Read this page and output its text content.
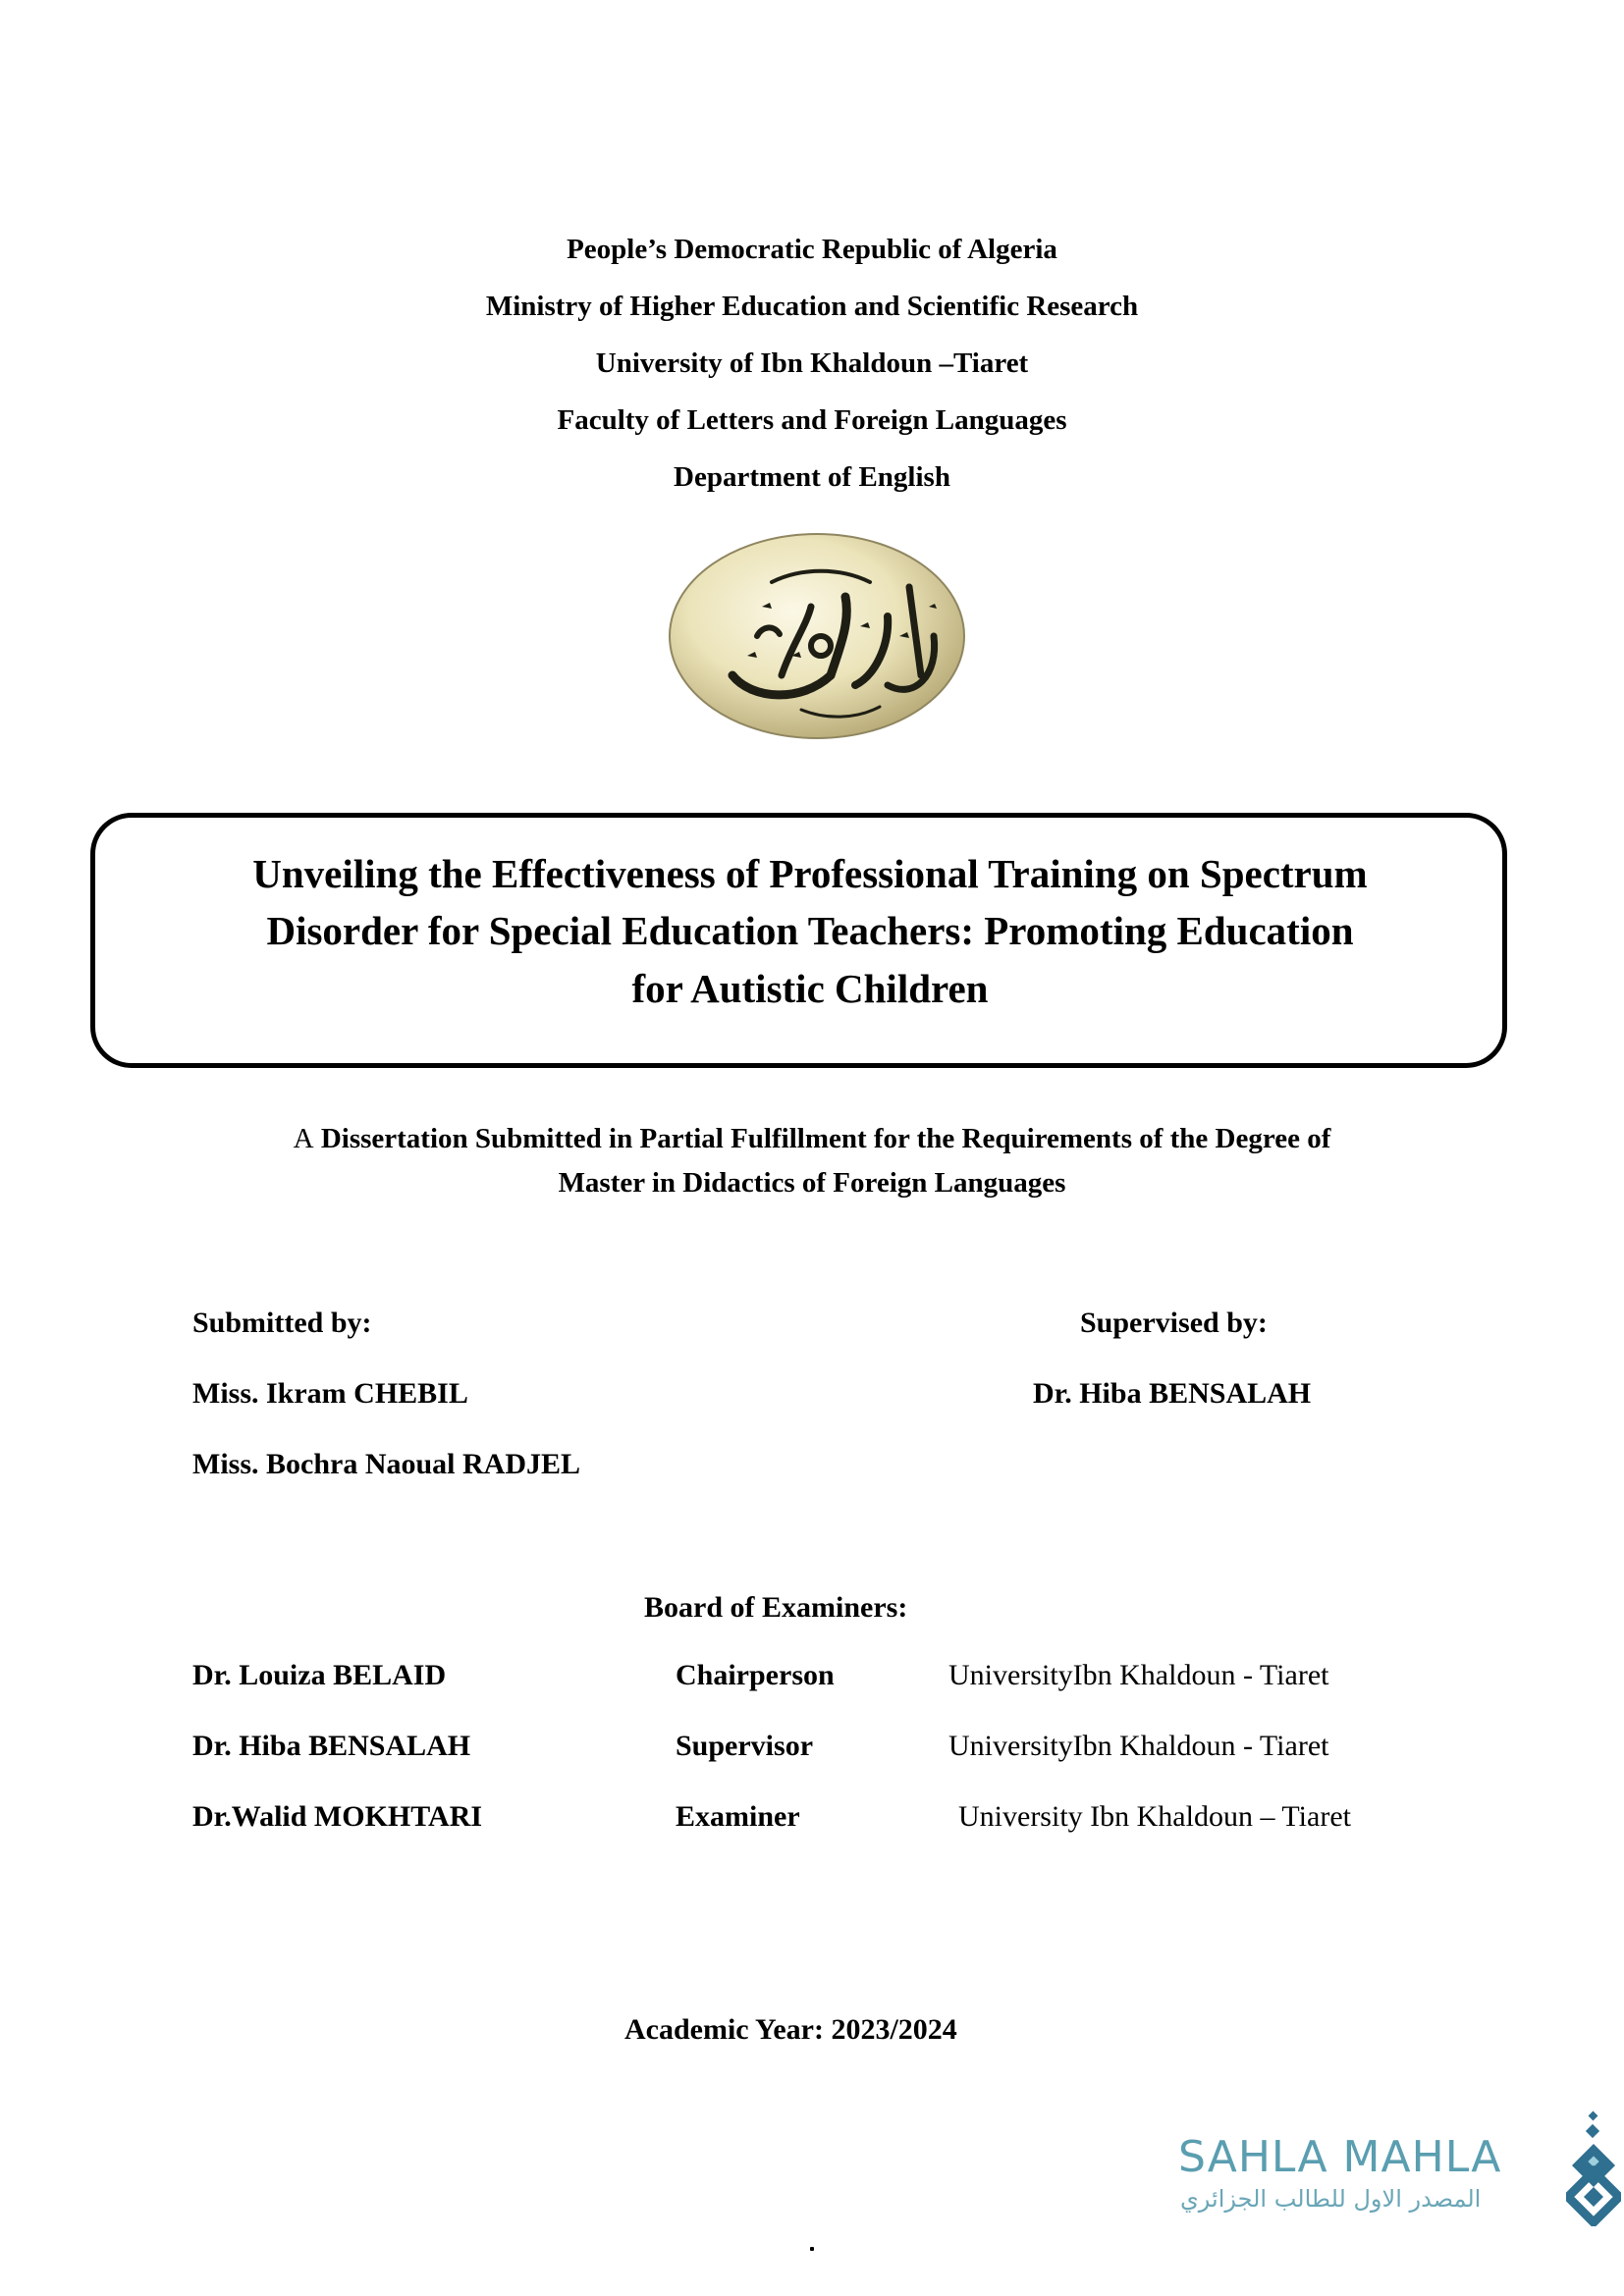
People’s Democratic Republic of Algeria
Ministry of Higher Education and Scientific Research
University of Ibn Khaldoun –Tiaret
Faculty of Letters and Foreign Languages
Department of English
Unveiling the Effectiveness of Professional Training on Spectrum
Disorder for Special Education Teachers: Promoting Education
for Autistic Children
A Dissertation Submitted in Partial Fulfillment for the Requirements of the Degree of
Master in Didactics of Foreign Languages
Submitted by:
Miss. Ikram CHEBIL
Miss. Bochra Naoual RADJEL
Supervised by:
Dr. Hiba BENSALAH
Board of Examiners:
Dr. Louiza BELAID	Chairperson	UniversityIbn Khaldoun - Tiaret
Dr. Hiba BENSALAH	Supervisor	UniversityIbn Khaldoun - Tiaret
Dr.Walid MOKHTARI	Examiner	University Ibn Khaldoun – Tiaret
Academic Year: 2023/2024
SAHLA MAHLA
المصدر الاول للطالب الجزائري
